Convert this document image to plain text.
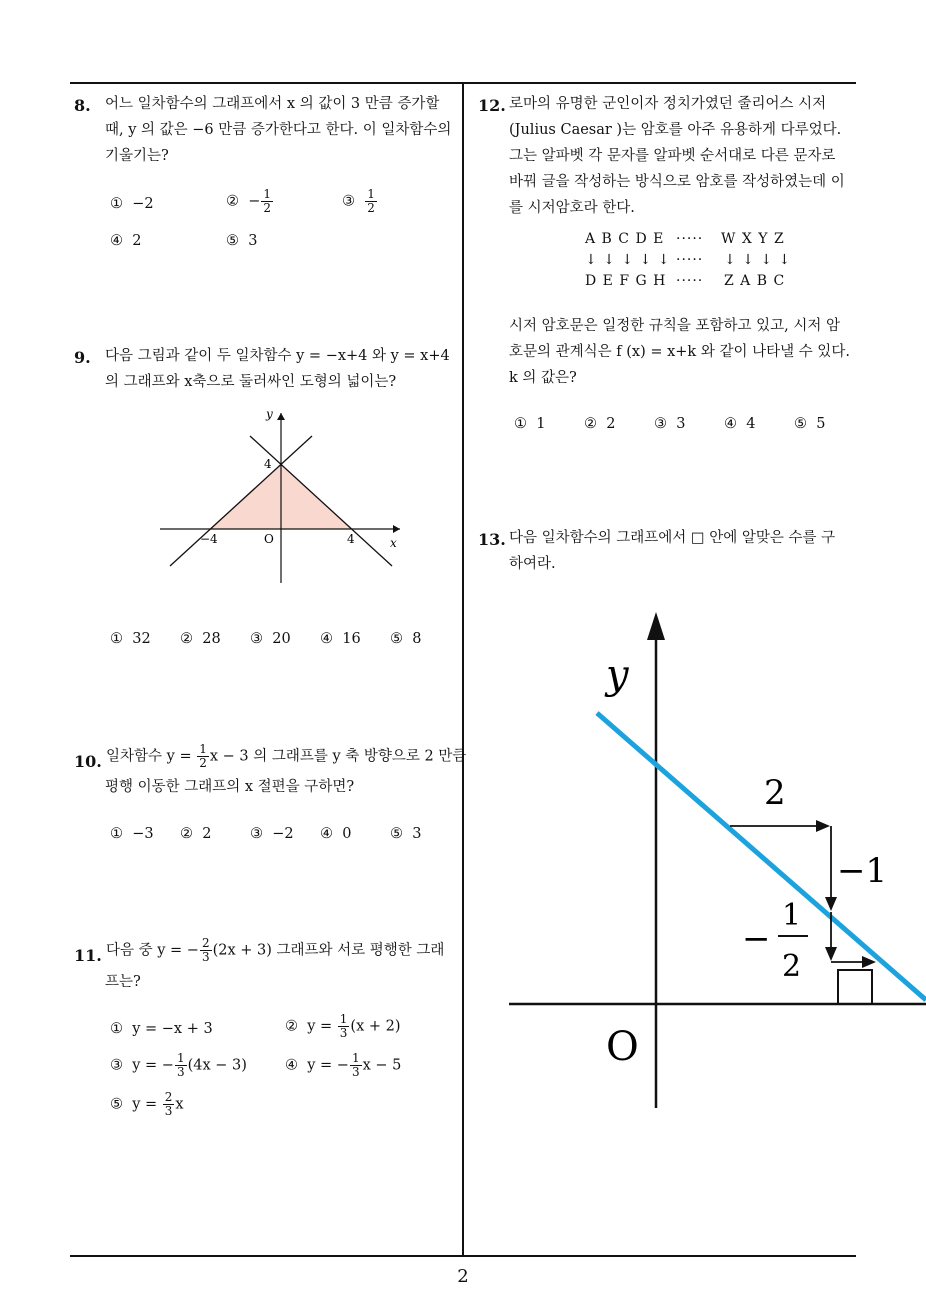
2
8. 어느 일차함수의 그래프에서 x 의 값이 3 만큼 증가할
때, y 의 값은 −6 만큼 증가한다고 한다. 이 일차함수의
기울기는?
① −2	② − $\frac{1}{2}$	③ $\frac{1}{2}$
④ 2	⑤ 3
9. 다음 그림과 같이 두 일차함수 y = −x+4 와 y = x+4
의 그래프와 x축으로 둘러싸인 도형의 넓이는?
y
x
O
4
−4	4
① 32 ② 28 ③ 20 ④ 16 ⑤ 8
10. 일차함수 $y = \frac{1}{2}$ x − 3 의 그래프를 y 축 방향으로 2 만큼
평행 이동한 그래프의 x 절편을 구하면?
① −3 ② 2	③ −2 ④ 0	⑤ 3
11. 다음 중 y = − $\frac{2}{3} (2x + 3)$ 그래프와 서로 평행한 그래
프는?
① y = −x + 3	② $y = \frac{1}{3} (x + 2)$
③ y = − $\frac{1}{3} (4x - 3)$	④ y = − $\frac{1}{3}$ x − 5
⑤ $y = \frac{2}{3}$ x
12. 로마의 유명한 군인이자 정치가였던 줄리어스 시저
(Julius Caesar )는 암호를 아주 유용하게 다루었다.
그는 알파벳 각 문자를 알파벳 순서대로 다른 문자로
바꿔 글을 작성하는 방식으로 암호를 작성하였는데 이
를 시저암호라 한다.
A B C D E ····· W X Y Z
↓ ↓ ↓ ↓ ↓ ····· ↓ ↓ ↓ ↓
D E F G H ····· Z A B C
시저 암호문은 일정한 규칙을 포함하고 있고, 시저 암
호문의 관계식은 f (x) = x+k 와 같이 나타낼 수 있다.
k 의 값은?
① 1	② 2	③ 3	④ 4	⑤ 5
13. 다음 일차함수의 그래프에서 □ 안에 알맞은 수를 구
하여라.
y
O
2
−1
−
1
2
